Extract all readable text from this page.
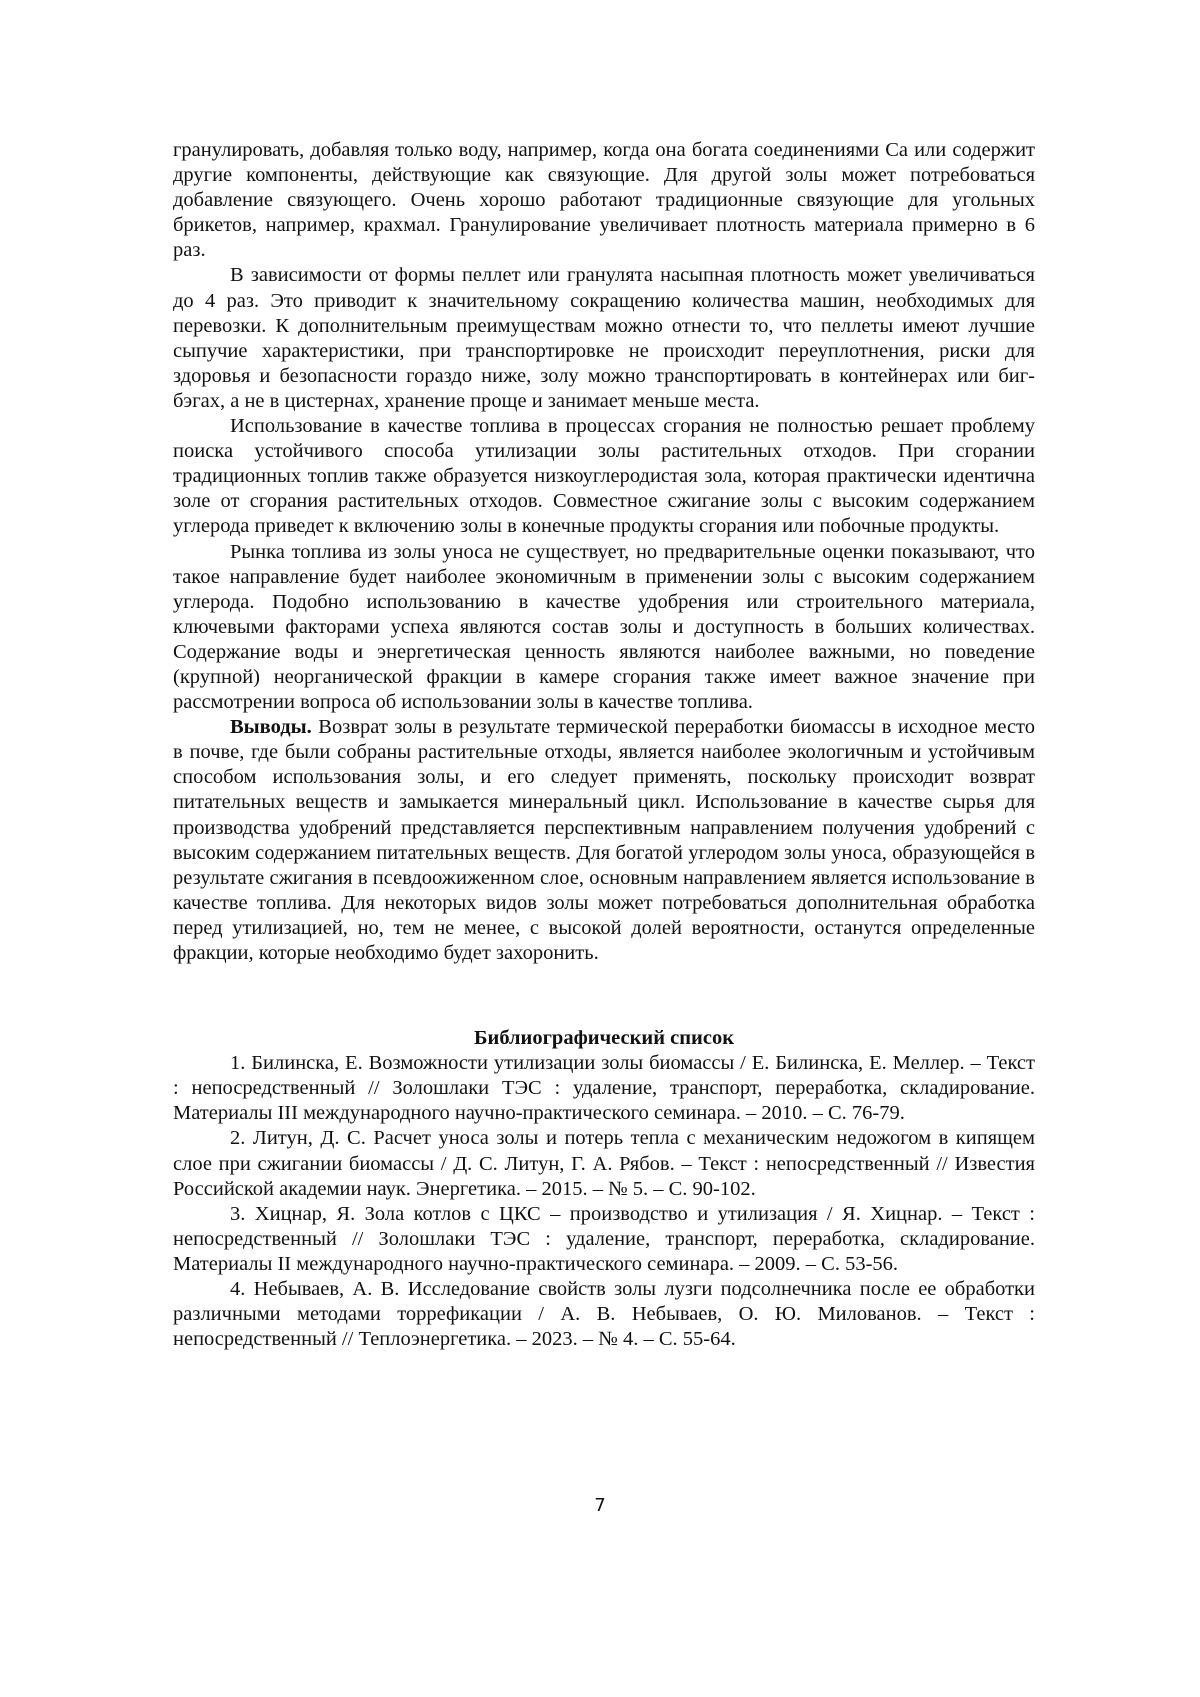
гранулировать, добавляя только воду, например, когда она богата соединениями Са или содержит другие компоненты, действующие как связующие. Для другой золы может потребоваться добавление связующего. Очень хорошо работают традиционные связующие для угольных брикетов, например, крахмал. Гранулирование увеличивает плотность материала примерно в 6 раз.

В зависимости от формы пеллет или гранулята насыпная плотность может увеличиваться до 4 раз. Это приводит к значительному сокращению количества машин, необходимых для перевозки. К дополнительным преимуществам можно отнести то, что пеллеты имеют лучшие сыпучие характеристики, при транспортировке не происходит переуплотнения, риски для здоровья и безопасности гораздо ниже, золу можно транспортировать в контейнерах или биг-бэгах, а не в цистернах, хранение проще и занимает меньше места.

Использование в качестве топлива в процессах сгорания не полностью решает проблему поиска устойчивого способа утилизации золы растительных отходов. При сгорании традиционных топлив также образуется низкоуглеродистая зола, которая практически идентична золе от сгорания растительных отходов. Совместное сжигание золы с высоким содержанием углерода приведет к включению золы в конечные продукты сгорания или побочные продукты.

Рынка топлива из золы уноса не существует, но предварительные оценки показывают, что такое направление будет наиболее экономичным в применении золы с высоким содержанием углерода. Подобно использованию в качестве удобрения или строительного материала, ключевыми факторами успеха являются состав золы и доступность в больших количествах. Содержание воды и энергетическая ценность являются наиболее важными, но поведение (крупной) неорганической фракции в камере сгорания также имеет важное значение при рассмотрении вопроса об использовании золы в качестве топлива.

Выводы. Возврат золы в результате термической переработки биомассы в исходное место в почве, где были собраны растительные отходы, является наиболее экологичным и устойчивым способом использования золы, и его следует применять, поскольку происходит возврат питательных веществ и замыкается минеральный цикл. Использование в качестве сырья для производства удобрений представляется перспективным направлением получения удобрений с высоким содержанием питательных веществ. Для богатой углеродом золы уноса, образующейся в результате сжигания в псевдоожиженном слое, основным направлением является использование в качестве топлива. Для некоторых видов золы может потребоваться дополнительная обработка перед утилизацией, но, тем не менее, с высокой долей вероятности, останутся определенные фракции, которые необходимо будет захоронить.

Библиографический список

1. Билинска, Е. Возможности утилизации золы биомассы / Е. Билинска, Е. Меллер. – Текст : непосредственный // Золошлаки ТЭС : удаление, транспорт, переработка, складирование. Материалы III международного научно-практического семинара. – 2010. – С. 76-79.

2. Литун, Д. С. Расчет уноса золы и потерь тепла с механическим недожогом в кипящем слое при сжигании биомассы / Д. С. Литун, Г. А. Рябов. – Текст : непосредственный // Известия Российской академии наук. Энергетика. – 2015. – № 5. – С. 90-102.

3. Хицнар, Я. Зола котлов с ЦКС – производство и утилизация / Я. Хицнар. – Текст : непосредственный // Золошлаки ТЭС : удаление, транспорт, переработка, складирование. Материалы II международного научно-практического семинара. – 2009. – С. 53-56.

4. Небываев, А. В. Исследование свойств золы лузги подсолнечника после ее обработки различными методами торрефикации / А. В. Небываев, О. Ю. Милованов. – Текст : непосредственный // Теплоэнергетика. – 2023. – № 4. – С. 55-64.

7
